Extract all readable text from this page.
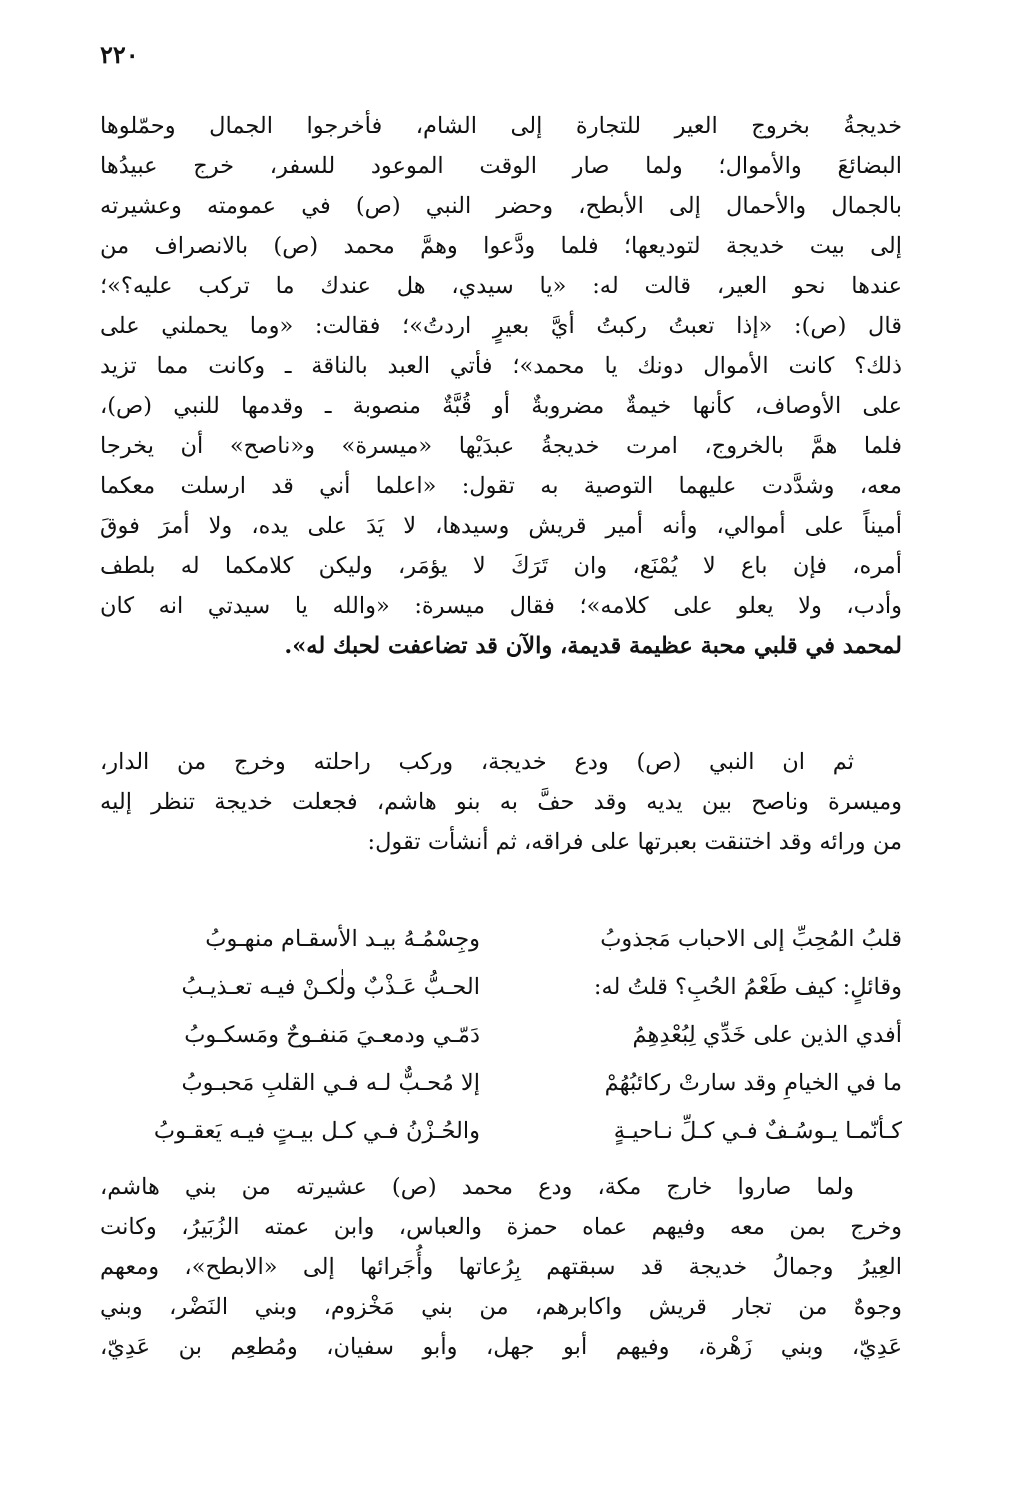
٢٢٠
خديجةُ بخروج العير للتجارة إلى الشام، فأخرجوا الجمال وحمّلوها
البضائعَ والأموال؛ ولما صار الوقت الموعود للسفر، خرج عبيدُها
بالجمال والأحمال إلى الأبطح، وحضر النبي (ص) في عمومته وعشيرته
إلى بيت خديجة لتوديعها؛ فلما ودَّعوا وهمَّ محمد (ص) بالانصراف من
عندها نحو العير، قالت له: «يا سيدي، هل عندك ما تركب عليه؟»؛
قال (ص): «إذا تعبتُ ركبتُ أيَّ بعيرٍ اردتُ»؛ فقالت: «وما يحملني على
ذلك؟ كانت الأموال دونك يا محمد»؛ فأتي العبد بالناقة ـ وكانت مما تزيد
على الأوصاف، كأنها خيمةٌ مضروبةٌ أو قُبَّةٌ منصوبة ـ وقدمها للنبي (ص)،
فلما همَّ بالخروج، امرت خديجةُ عبدَيْها «ميسرة» و«ناصح» أن يخرجا
معه، وشدَّدت عليهما التوصية به تقول: «اعلما أني قد ارسلت معكما
أميناً على أموالي، وأنه أمير قريش وسيدها، لا يَدَ على يده، ولا أمرَ فوقَ
أمره، فإن باع لا يُمْنَع، وان تَرَكَ لا يؤمَر، وليكن كلامكما له بلطف
وأدب، ولا يعلو على كلامه»؛ فقال ميسرة: «والله يا سيدتي انه كان
لمحمد في قلبي محبة عظيمة قديمة، والآن قد تضاعفت لحبك له».
ثم ان النبي (ص) ودع خديجة، وركب راحلته وخرج من الدار،
وميسرة وناصح بين يديه وقد حفَّ به بنو هاشم، فجعلت خديجة تنظر إليه
من ورائه وقد اختنقت بعبرتها على فراقه، ثم أنشأت تقول:
قلبُ المُحِبِّ إلى الاحباب مَجذوبُ
وجِسْمُـهُ بيـد الأسقـام منهـوبُ
وقائلٍ: كيف طَعْمُ الحُبِ؟ قلتُ له:
الحـبُّ عَـذْبٌ ولٰكـنْ فيـه تعـذيـبُ
أفدي الذين على خَدِّي لِبُعْدِهِمُ
دَمّـي ودمعـيَ مَنفـوحٌ ومَسكـوبُ
ما في الخيامِ وقد سارتْ ركائبُهُمْ
إلا مُحـبٌّ لـه فـي القلبِ مَحبـوبُ
كـأنّمـا يـوسُـفٌ فـي كـلِّ نـاحيـةٍ
والحُـزْنُ فـي كـل بيـتٍ فيـه يَعقـوبُ
ولما صاروا خارج مكة، ودع محمد (ص) عشيرته من بني هاشم،
وخرج بمن معه وفيهم عماه حمزة والعباس، وابن عمته الزُبَيرُ، وكانت
العِيرُ وجمالُ خديجة قد سبقتهم بِرُعاتها وأُجَرائها إلى «الابطح»، ومعهم
وجوهٌ من تجار قريش واكابرهم، من بني مَخْزوم، وبني النَضْر، وبني
عَدِيّ، وبني زَهْرة، وفيهم أبو جهل، وأبو سفيان، ومُطعِم بن عَدِيّ،
